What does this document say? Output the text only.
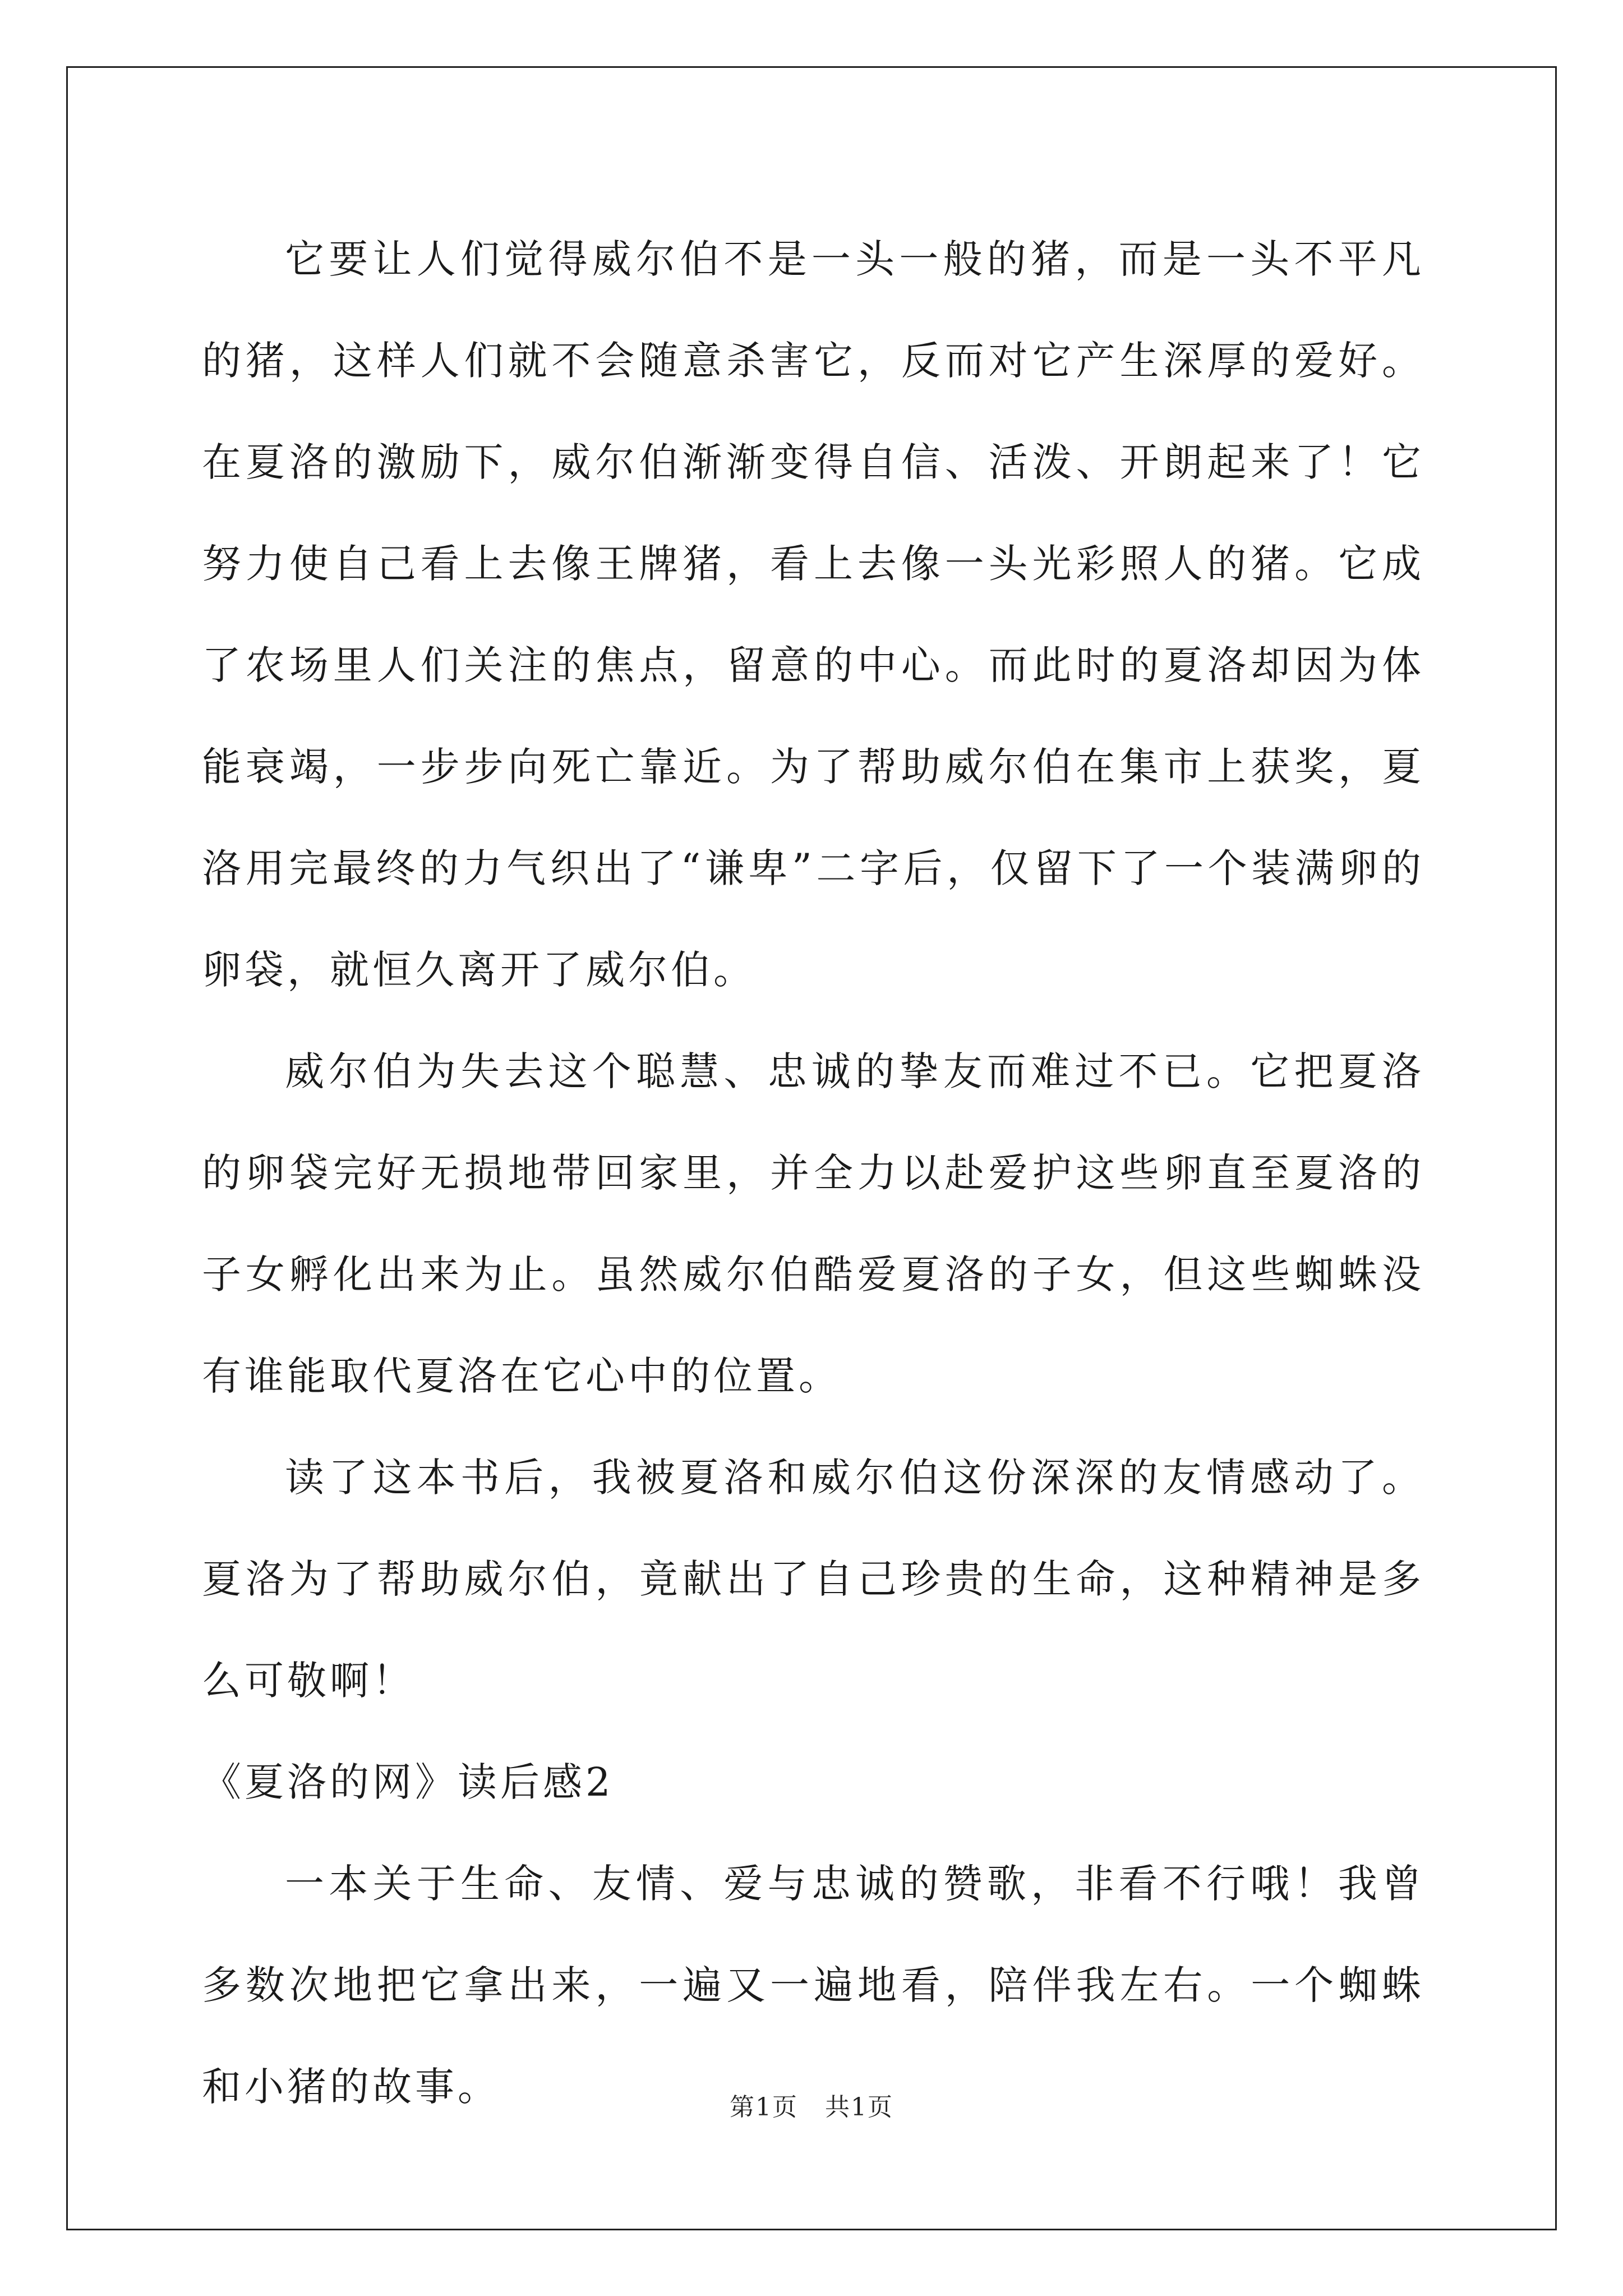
它要让人们觉得威尔伯不是一头一般的猪，而是一头不平凡的猪，这样人们就不会随意杀害它，反而对它产生深厚的爱好。在夏洛的激励下，威尔伯渐渐变得自信、活泼、开朗起来了！它努力使自己看上去像王牌猪，看上去像一头光彩照人的猪。它成了农场里人们关注的焦点，留意的中心。而此时的夏洛却因为体能衰竭，一步步向死亡靠近。为了帮助威尔伯在集市上获奖，夏洛用完最终的力气织出了“谦卑”二字后，仅留下了一个装满卵的卵袋，就恒久离开了威尔伯。

威尔伯为失去这个聪慧、忠诚的挚友而难过不已。它把夏洛的卵袋完好无损地带回家里，并全力以赴爱护这些卵直至夏洛的子女孵化出来为止。虽然威尔伯酷爱夏洛的子女，但这些蜘蛛没有谁能取代夏洛在它心中的位置。

读了这本书后，我被夏洛和威尔伯这份深深的友情感动了。夏洛为了帮助威尔伯，竟献出了自己珍贵的生命，这种精神是多么可敬啊！

《夏洛的网》读后感2

一本关于生命、友情、爱与忠诚的赞歌，非看不行哦！我曾多数次地把它拿出来，一遍又一遍地看，陪伴我左右。一个蜘蛛和小猪的故事。	第1页 共1页
